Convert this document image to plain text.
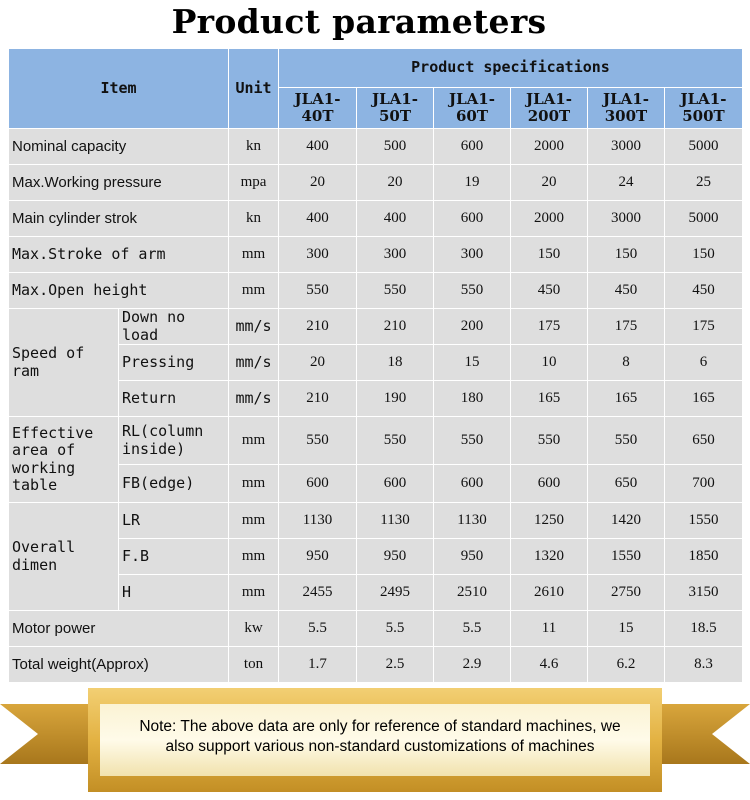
Product parameters
Item		Unit	Product specifications					
			JLA1-40T	JLA1-50T	JLA1-60T	JLA1-200T	JLA1-300T	JLA1-500T
Nominal capacity		kn	400	500	600	2000	3000	5000
Max.Working pressure		mpa	20	20	19	20	24	25
Main cylinder strok		kn	400	400	600	2000	3000	5000
Max.Stroke of arm		mm	300	300	300	150	150	150
Max.Open height		mm	550	550	550	450	450	450
Speed of ram	Down no load	mm/s	210	210	200	175	175	175
	Pressing	mm/s	20	18	15	10	8	6
	Return	mm/s	210	190	180	165	165	165
Effective area of working table	RL(column inside)	mm	550	550	550	550	550	650
	FB(edge)	mm	600	600	600	600	650	700
Overall dimen	LR	mm	1130	1130	1130	1250	1420	1550
	F.B	mm	950	950	950	1320	1550	1850
	H	mm	2455	2495	2510	2610	2750	3150
Motor power		kw	5.5	5.5	5.5	11	15	18.5
Total weight(Approx)		ton	1.7	2.5	2.9	4.6	6.2	8.3
Note: The above data are only for reference of standard machines, we
also support various non-standard customizations of machines
